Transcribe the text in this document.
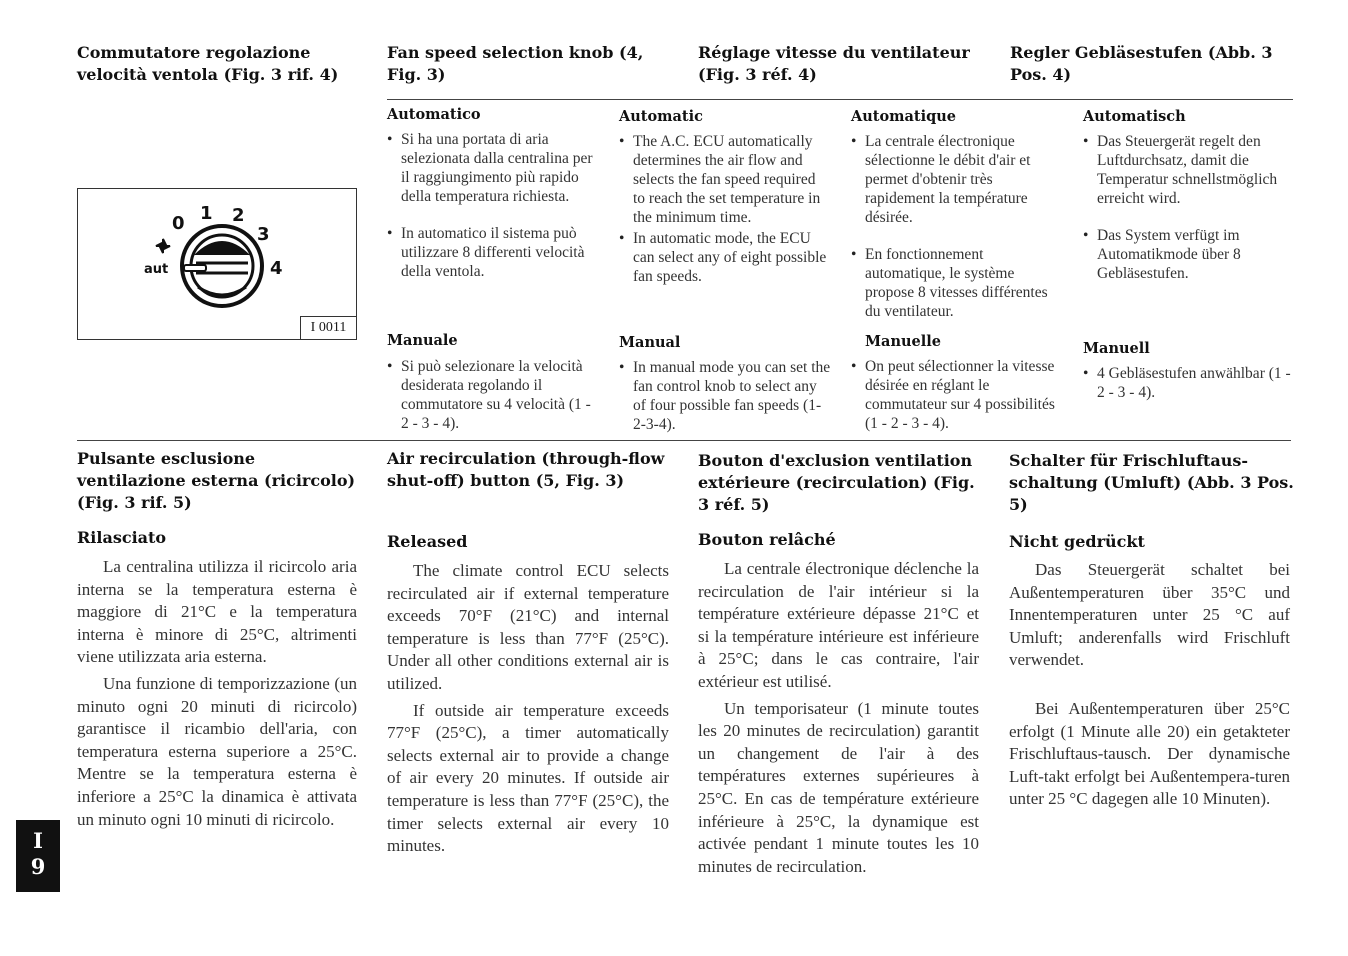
Commutatore regolazione velocità ventola (Fig. 3 rif. 4)
Fan speed selection knob (4, Fig. 3)
Réglage vitesse du ventilateur (Fig. 3 réf. 4)
Regler Gebläsestufen (Abb. 3 Pos. 4)
0 1 2
3
4
aut
I 0011
Automatico
• Si ha una portata di aria selezionata dalla centralina per il raggiungimento più rapido della temperatura richiesta.
• In automatico il sistema può utilizzare 8 differenti velocità della ventola.
Manuale
• Si può selezionare la velocità desiderata regolando il commutatore su 4 velocità (1 - 2 - 3 - 4).
Automatic
• The A.C. ECU automatically determines the air flow and selects the fan speed required to reach the set temperature in the minimum time.
• In automatic mode, the ECU can select any of eight possible fan speeds.
Manual
• In manual mode you can set the fan control knob to select any of four possible fan speeds (1-2-3-4).
Automatique
• La centrale électronique sélectionne le débit d'air et permet d'obtenir très rapidement la température désirée.
• En fonctionnement automatique, le système propose 8 vitesses différentes du ventilateur.
Manuelle
• On peut sélectionner la vitesse désirée en réglant le commutateur sur 4 possibilités (1 - 2 - 3 - 4).
Automatisch
• Das Steuergerät regelt den Luftdurchsatz, damit die Temperatur schnellstmöglich erreicht wird.
• Das System verfügt im Automatikmode über 8 Gebläsestufen.
Manuell
• 4 Gebläsestufen anwählbar (1 - 2 - 3 - 4).
Pulsante esclusione ventilazione esterna (ricircolo) (Fig. 3 rif. 5)
Rilasciato

La centralina utilizza il ricircolo aria interna se la temperatura esterna è maggiore di 21°C e la temperatura interna è minore di 25°C, altrimenti viene utilizzata aria esterna.

Una funzione di temporizzazione (un minuto ogni 20 minuti di ricircolo) garantisce il ricambio dell'aria, con temperatura esterna superiore a 25°C. Mentre se la temperatura esterna è inferiore a 25°C la dinamica è attivata un minuto ogni 10 minuti di ricircolo.

Air recirculation (through-flow shut-off) button (5, Fig. 3)
Released

The climate control ECU selects recirculated air if external temperature exceeds 70°F (21°C) and internal temperature is less than 77°F (25°C). Under all other conditions external air is utilized.

If outside air temperature exceeds 77°F (25°C), a timer automatically selects external air to provide a change of air every 20 minutes. If outside air temperature is less than 77°F (25°C), the timer selects external air every 10 minutes.

Bouton d'exclusion ventilation extérieure (recirculation) (Fig. 3 réf. 5)
Bouton relâché

La centrale électronique déclenche la recirculation de l'air intérieur si la température extérieure dépasse 21°C et si la température intérieure est inférieure à 25°C; dans le cas contraire, l'air extérieur est utilisé.

Un temporisateur (1 minute toutes les 20 minutes de recirculation) garantit un changement de l'air à des températures externes supérieures à 25°C. En cas de température extérieure inférieure à 25°C, la dynamique est activée pendant 1 minute toutes les 10 minutes de recirculation.

Schalter für Frischluftaus-schaltung (Umluft) (Abb. 3 Pos. 5)
Nicht gedrückt

Das Steuergerät schaltet bei Außentemperaturen über 35°C und Innentemperaturen unter 25 °C auf Umluft; anderenfalls wird Frischluft verwendet.

Bei Außentemperaturen über 25°C erfolgt (1 Minute alle 20) ein getakteter Frischluftaus-tausch. Der dynamische Luft-takt erfolgt bei Außentempera-turen unter 25 °C dagegen alle 10 Minuten).

I
9
